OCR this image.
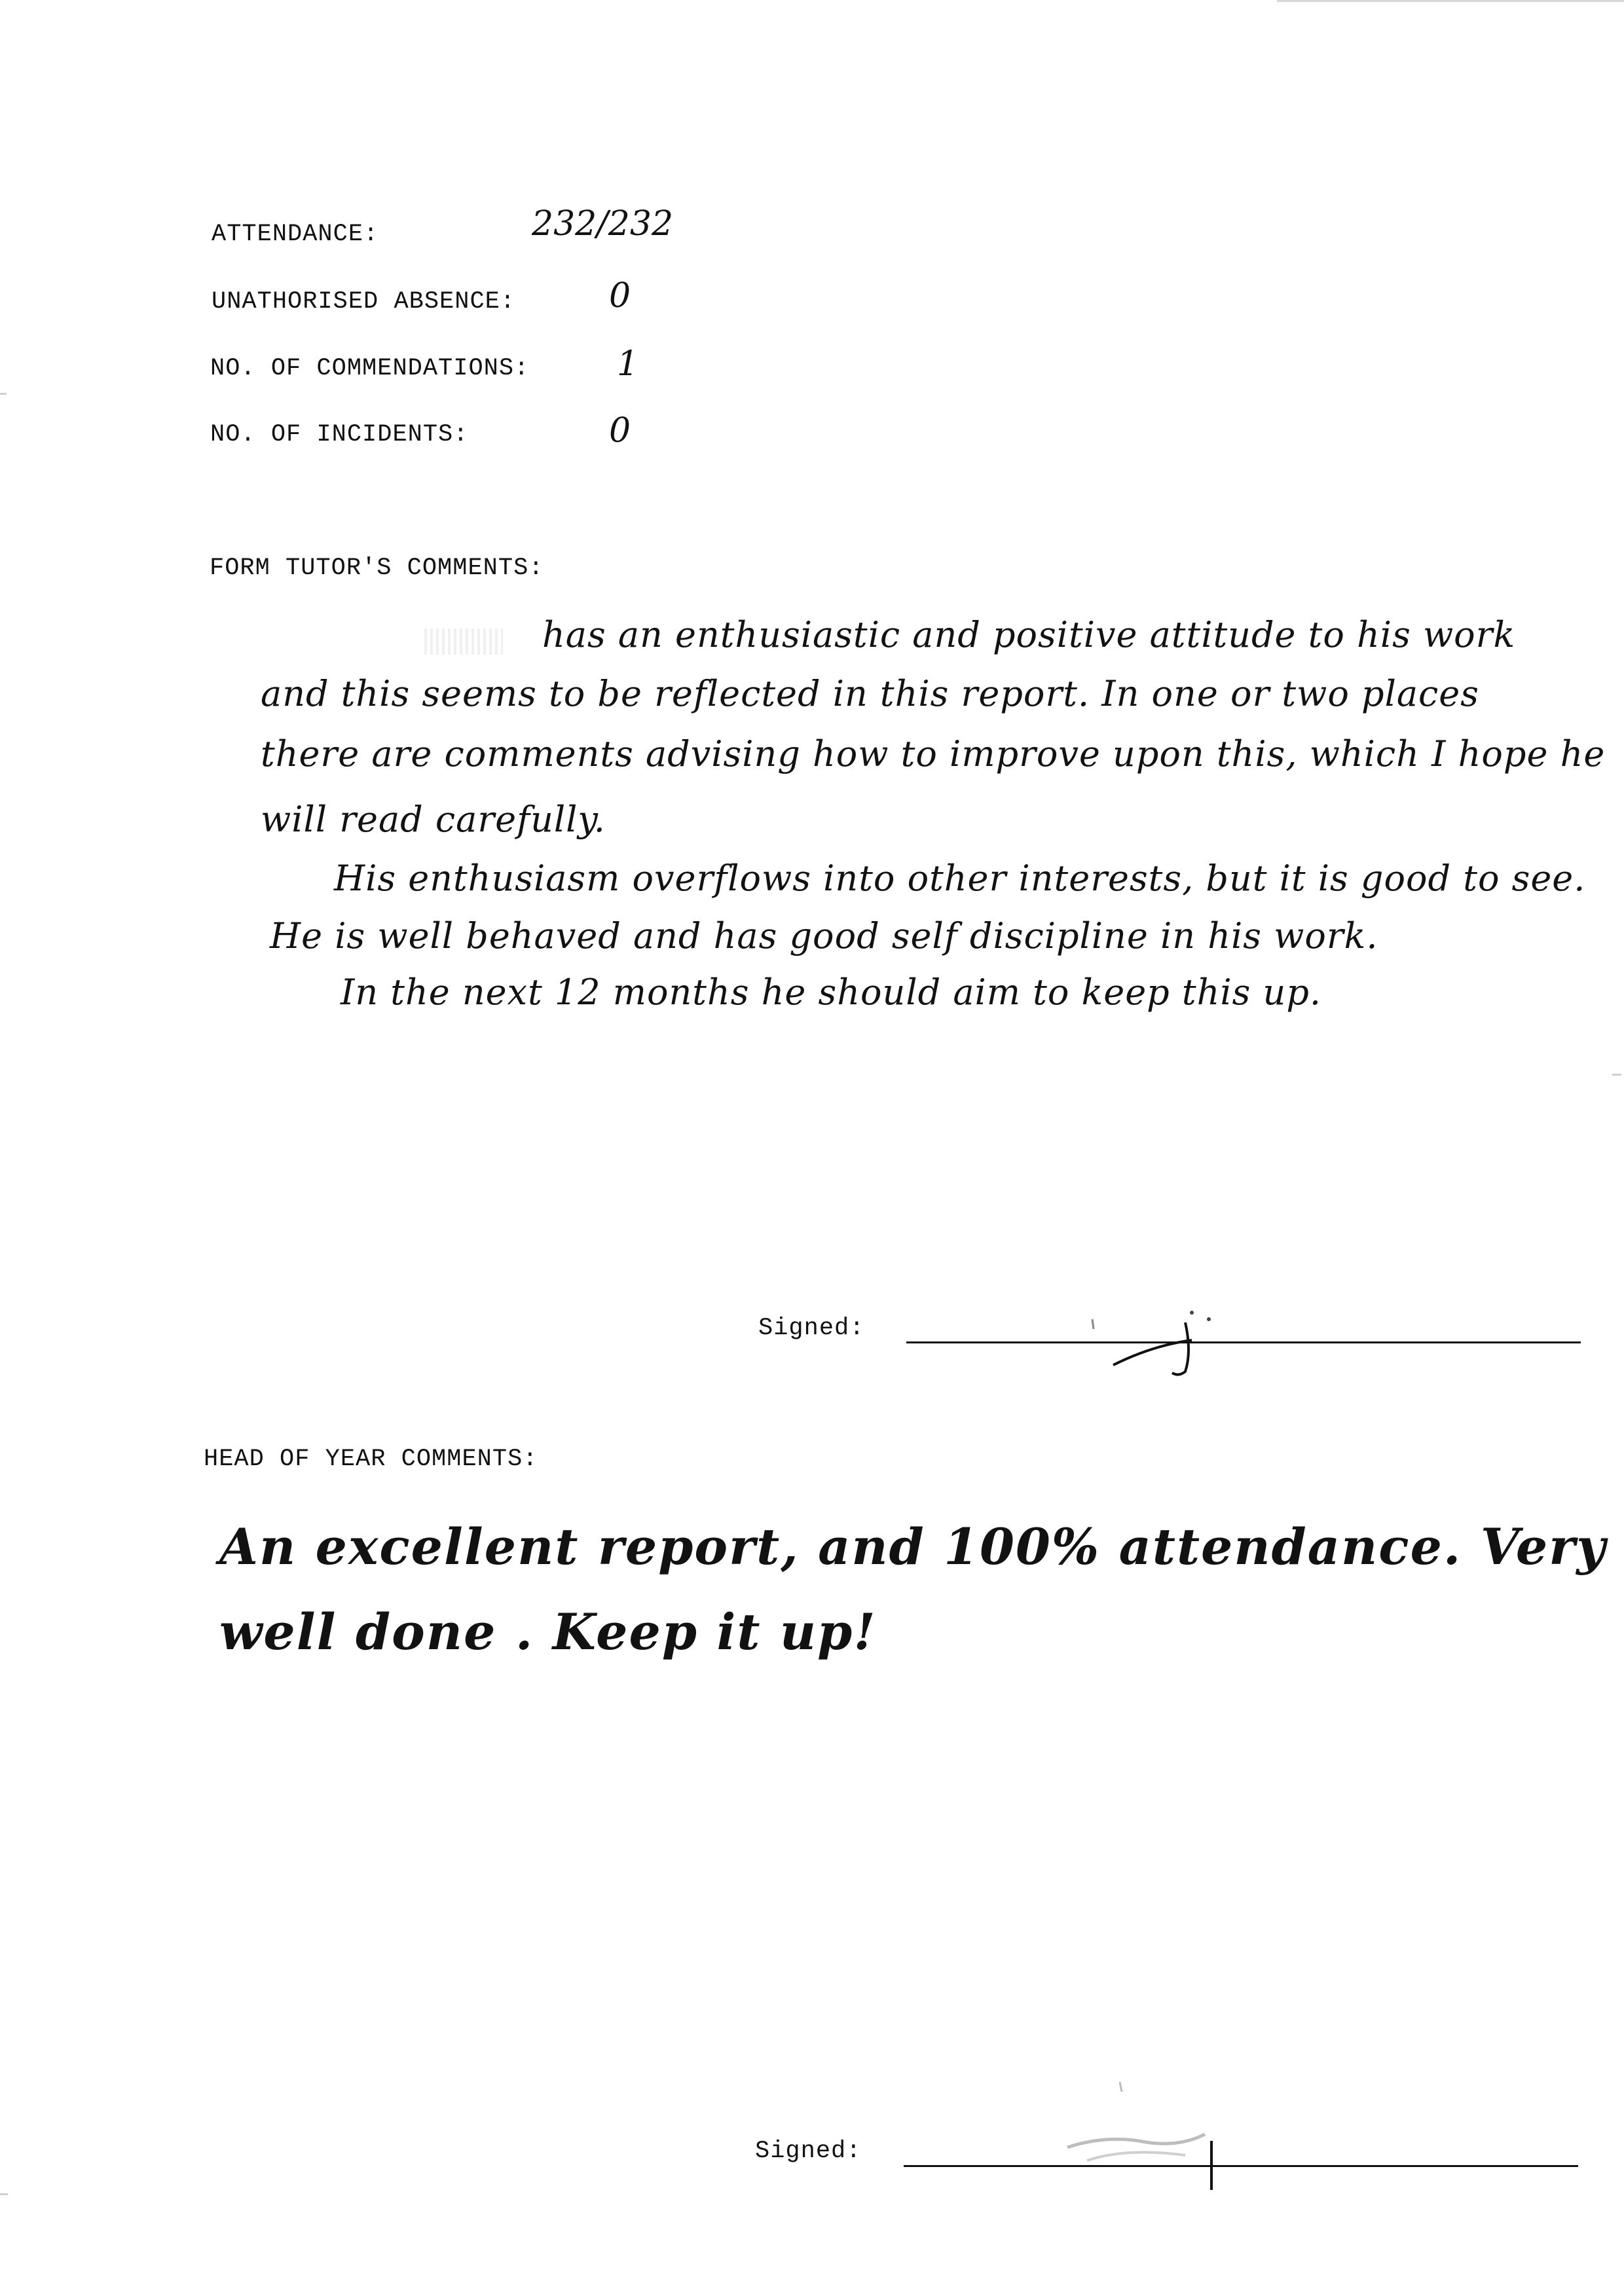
ATTENDANCE:	232/232
UNATHORISED ABSENCE:	0
NO. OF COMMENDATIONS:	1
NO. OF INCIDENTS:	0
FORM TUTOR'S COMMENTS:
has an enthusiastic and positive attitude to his work
and this seems to be reflected in this report. In one or two places
there are comments advising how to improve upon this, which I hope he
will read carefully.
His enthusiasm overflows into other interests, but it is good to see.
He is well behaved and has good self discipline in his work.
In the next 12 months he should aim to keep this up.
Signed:
HEAD OF YEAR COMMENTS:
An excellent report, and 100% attendance. Very
well done . Keep it up!
Signed:
